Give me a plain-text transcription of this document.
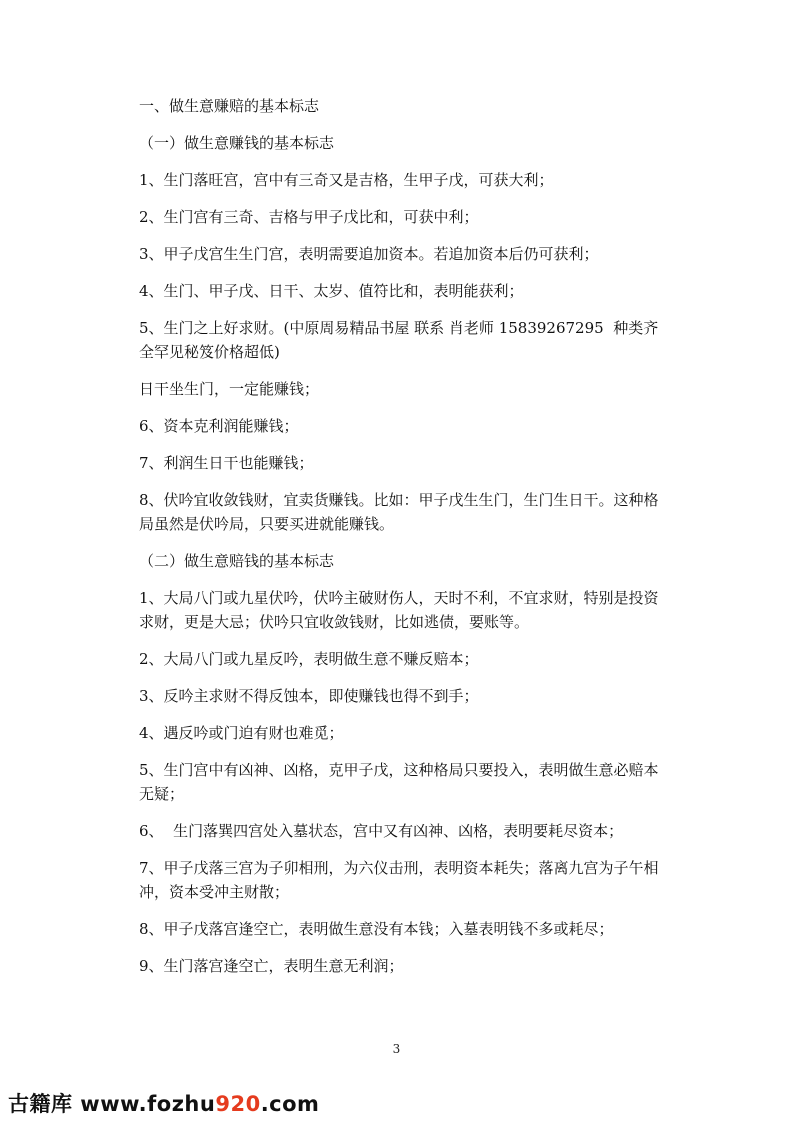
一、做生意赚赔的基本标志

（一）做生意赚钱的基本标志

1、生门落旺宫，宫中有三奇又是吉格，生甲子戊，可获大利；

2、生门宫有三奇、吉格与甲子戊比和，可获中利；

3、甲子戊宫生生门宫，表明需要追加资本。若追加资本后仍可获利；

4、生门、甲子戊、日干、太岁、值符比和，表明能获利；

5、生门之上好求财。(中原周易精品书屋 联系 肖老师 15839267295  种类齐全罕见秘笈价格超低)

日干坐生门，一定能赚钱；

6、资本克利润能赚钱；

7、利润生日干也能赚钱；

8、伏吟宜收敛钱财，宜卖货赚钱。比如：甲子戊生生门，生门生日干。这种格局虽然是伏吟局，只要买进就能赚钱。

（二）做生意赔钱的基本标志

1、大局八门或九星伏吟，伏吟主破财伤人，天时不利，不宜求财，特别是投资求财，更是大忌；伏吟只宜收敛钱财，比如逃债，要账等。

2、大局八门或九星反吟，表明做生意不赚反赔本；

3、反吟主求财不得反蚀本，即使赚钱也得不到手；

4、遇反吟或门迫有财也难觅；

5、生门宫中有凶神、凶格，克甲子戊，这种格局只要投入，表明做生意必赔本无疑；

6、  生门落巽四宫处入墓状态，宫中又有凶神、凶格，表明要耗尽资本；

7、甲子戊落三宫为子卯相刑，为六仪击刑，表明资本耗失；落离九宫为子午相冲，资本受冲主财散；

8、甲子戊落宫逢空亡，表明做生意没有本钱；入墓表明钱不多或耗尽；

9、生门落宫逢空亡，表明生意无利润；

3
古籍库 www.fozhu920.com
